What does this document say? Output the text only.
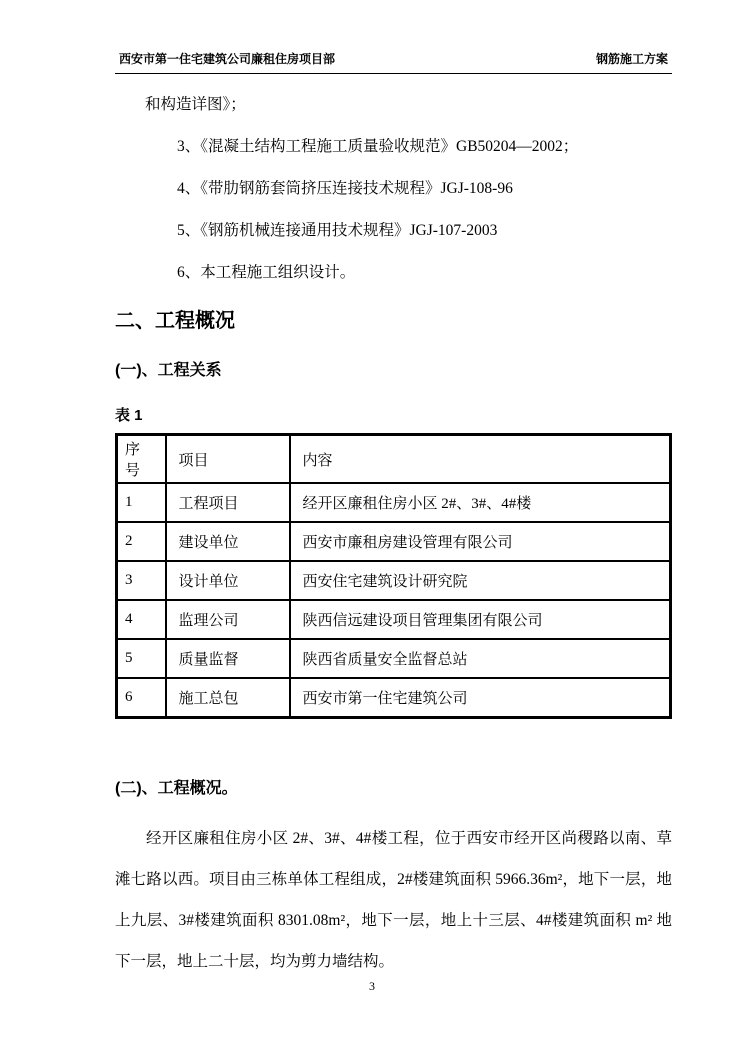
西安市第一住宅建筑公司廉租住房项目部	钢筋施工方案

和构造详图》；

3、《混凝土结构工程施工质量验收规范》GB50204—2002；

4、《带肋钢筋套筒挤压连接技术规程》JGJ-108-96

5、《钢筋机械连接通用技术规程》JGJ-107-2003

6、本工程施工组织设计。

二、工程概况
(一)、工程关系
表 1
序号	项目	内容
1	工程项目	经开区廉租住房小区 2#、3#、4#楼
2	建设单位	西安市廉租房建设管理有限公司
3	设计单位	西安住宅建筑设计研究院
4	监理公司	陕西信远建设项目管理集团有限公司
5	质量监督	陕西省质量安全监督总站
6	施工总包	西安市第一住宅建筑公司
(二)、工程概况。

经开区廉租住房小区 2#、3#、4#楼工程，位于西安市经开区尚稷路以南、草滩七路以西。项目由三栋单体工程组成，2#楼建筑面积 5966.36m²，地下一层，地上九层、3#楼建筑面积 8301.08m²，地下一层，地上十三层、4#楼建筑面积 m² 地下一层，地上二十层，均为剪力墙结构。

3
